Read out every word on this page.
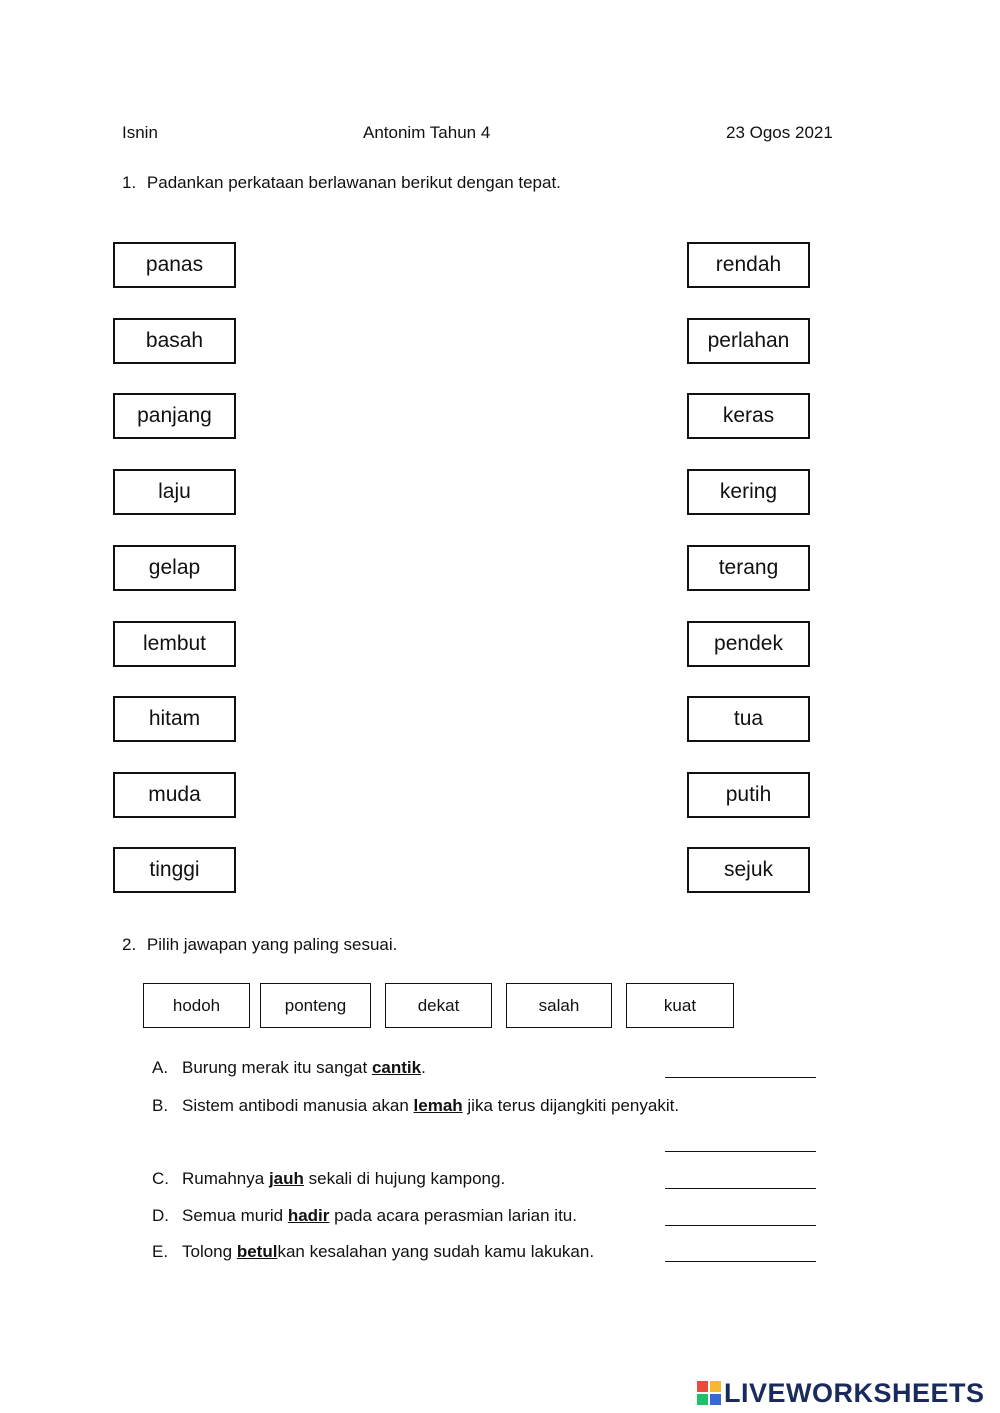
Isnin	Antonim Tahun 4	23 Ogos 2021
1. Padankan perkataan berlawanan berikut dengan tepat.
panas
basah
panjang
laju
gelap
lembut
hitam
muda
tinggi
rendah
perlahan
keras
kering
terang
pendek
tua
putih
sejuk
2. Pilih jawapan yang paling sesuai.
hodoh	ponteng	dekat	salah	kuat
A. Burung merak itu sangat cantik .
B. Sistem antibodi manusia akan lemah jika terus dijangkiti penyakit.
C. Rumahnya jauh sekali di hujung kampong.
D. Semua murid hadir pada acara perasmian larian itu.
E. Tolong betul kan kesalahan yang sudah kamu lakukan.
LIVEWORKSHEETS
